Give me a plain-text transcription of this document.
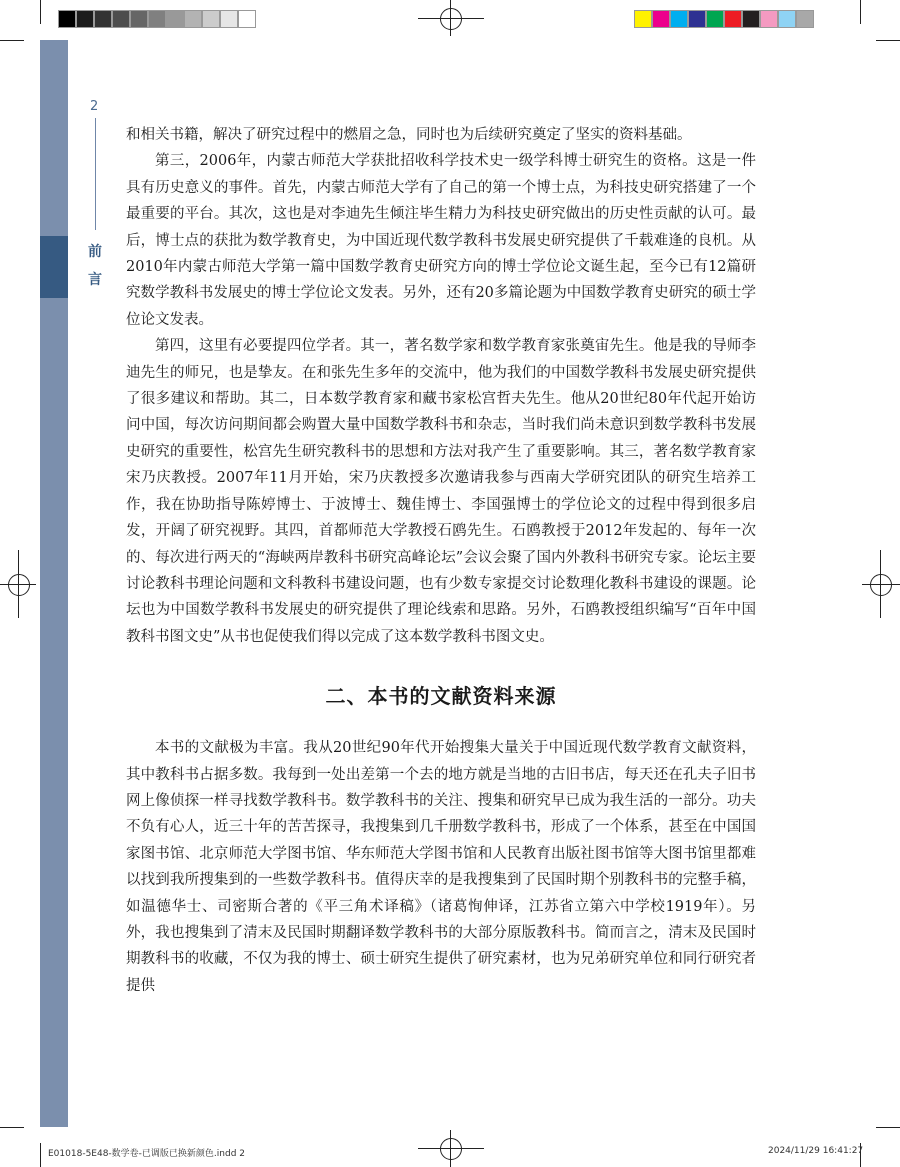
2
前
言

和相关书籍，解决了研究过程中的燃眉之急，同时也为后续研究奠定了坚实的资料基础。

第三，2006年，内蒙古师范大学获批招收科学技术史一级学科博士研究生的资格。这是一件具有历史意义的事件。首先，内蒙古师范大学有了自己的第一个博士点，为科技史研究搭建了一个最重要的平台。其次，这也是对李迪先生倾注毕生精力为科技史研究做出的历史性贡献的认可。最后，博士点的获批为数学教育史，为中国近现代数学教科书发展史研究提供了千载难逢的良机。从2010年内蒙古师范大学第一篇中国数学教育史研究方向的博士学位论文诞生起，至今已有12篇研究数学教科书发展史的博士学位论文发表。另外，还有20多篇论题为中国数学教育史研究的硕士学位论文发表。

第四，这里有必要提四位学者。其一，著名数学家和数学教育家张奠宙先生。他是我的导师李迪先生的师兄，也是挚友。在和张先生多年的交流中，他为我们的中国数学教科书发展史研究提供了很多建议和帮助。其二，日本数学教育家和藏书家松宫哲夫先生。他从20世纪80年代起开始访问中国，每次访问期间都会购置大量中国数学教科书和杂志，当时我们尚未意识到数学教科书发展史研究的重要性，松宫先生研究教科书的思想和方法对我产生了重要影响。其三，著名数学教育家宋乃庆教授。2007年11月开始，宋乃庆教授多次邀请我参与西南大学研究团队的研究生培养工作，我在协助指导陈婷博士、于波博士、魏佳博士、李国强博士的学位论文的过程中得到很多启发，开阔了研究视野。其四，首都师范大学教授石鸥先生。石鸥教授于2012年发起的、每年一次的、每次进行两天的“海峡两岸教科书研究高峰论坛”会议会聚了国内外教科书研究专家。论坛主要讨论教科书理论问题和文科教科书建设问题，也有少数专家提交讨论数理化教科书建设的课题。论坛也为中国数学教科书发展史的研究提供了理论线索和思路。另外，石鸥教授组织编写“百年中国教科书图文史”从书也促使我们得以完成了这本数学教科书图文史。

二、本书的文献资料来源

本书的文献极为丰富。我从20世纪90年代开始搜集大量关于中国近现代数学教育文献资料，其中教科书占据多数。我每到一处出差第一个去的地方就是当地的古旧书店，每天还在孔夫子旧书网上像侦探一样寻找数学教科书。数学教科书的关注、搜集和研究早已成为我生活的一部分。功夫不负有心人，近三十年的苦苦探寻，我搜集到几千册数学教科书，形成了一个体系，甚至在中国国家图书馆、北京师范大学图书馆、华东师范大学图书馆和人民教育出版社图书馆等大图书馆里都难以找到我所搜集到的一些数学教科书。值得庆幸的是我搜集到了民国时期个别教科书的完整手稿，如温德华士、司密斯合著的《平三角术译稿》（诸葛恂伸译，江苏省立第六中学校1919年）。另外，我也搜集到了清末及民国时期翻译数学教科书的大部分原版教科书。简而言之，清末及民国时期教科书的收藏，不仅为我的博士、硕士研究生提供了研究素材，也为兄弟研究单位和同行研究者提供

E01018-5E48-数学卷-已调版已换新颜色.indd 2	2024/11/29 16:41:27
